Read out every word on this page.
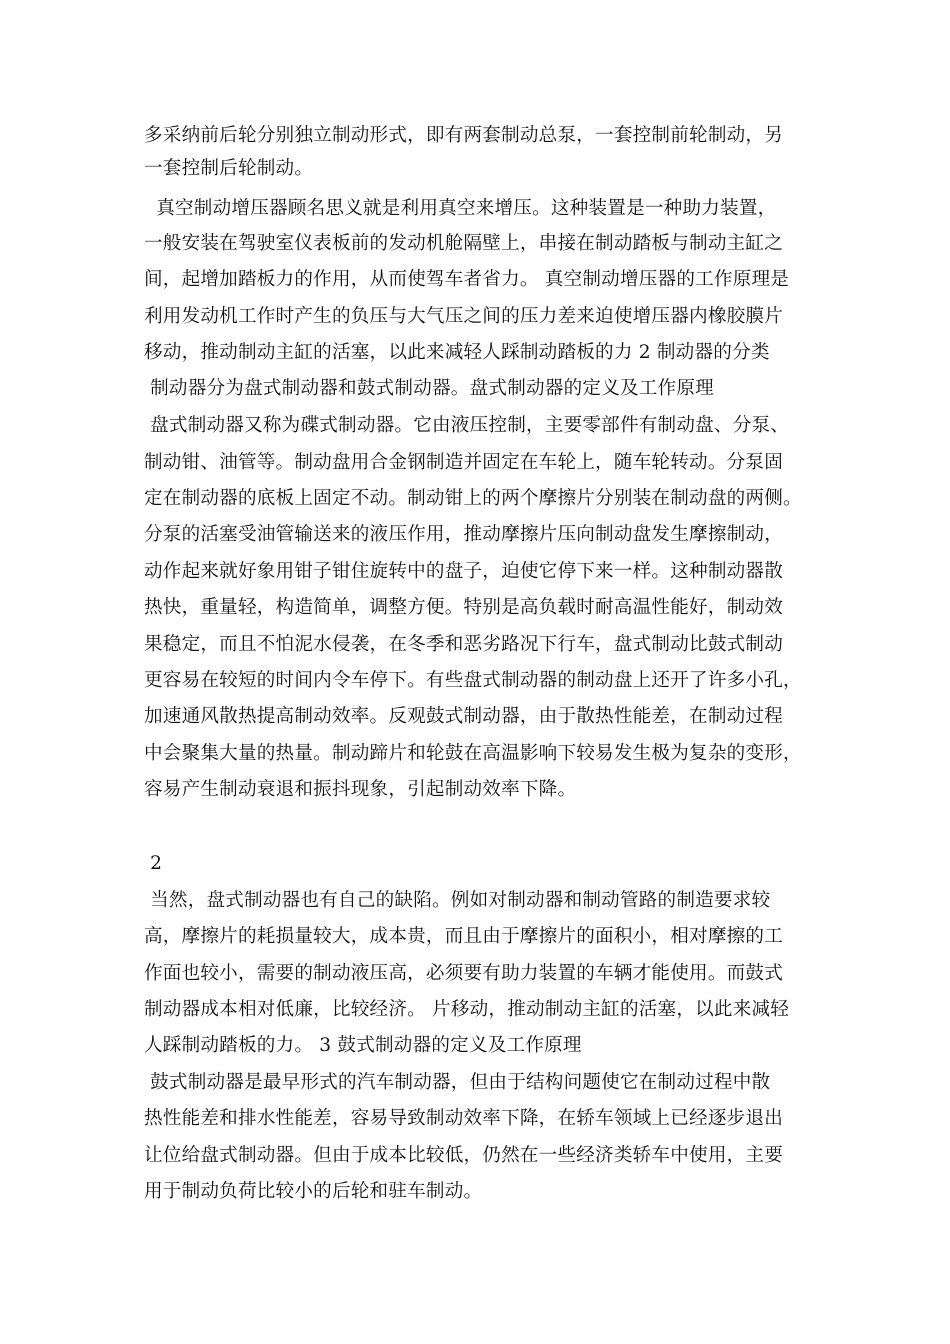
多采纳前后轮分别独立制动形式，即有两套制动总泵，一套控制前轮制动，另
一套控制后轮制动。
真空制动增压器顾名思义就是利用真空来增压。这种装置是一种助力装置，
一般安装在驾驶室仪表板前的发动机舱隔壁上，串接在制动踏板与制动主缸之
间，起增加踏板力的作用，从而使驾车者省力。 真空制动增压器的工作原理是
利用发动机工作时产生的负压与大气压之间的压力差来迫使增压器内橡胶膜片
移动，推动制动主缸的活塞，以此来减轻人踩制动踏板的力 2 制动器的分类
制动器分为盘式制动器和鼓式制动器。盘式制动器的定义及工作原理
盘式制动器又称为碟式制动器。它由液压控制，主要零部件有制动盘、分泵、
制动钳、油管等。制动盘用合金钢制造并固定在车轮上，随车轮转动。分泵固
定在制动器的底板上固定不动。制动钳上的两个摩擦片分别装在制动盘的两侧。
分泵的活塞受油管输送来的液压作用，推动摩擦片压向制动盘发生摩擦制动，
动作起来就好象用钳子钳住旋转中的盘子，迫使它停下来一样。这种制动器散
热快，重量轻，构造简单，调整方便。特别是高负载时耐高温性能好，制动效
果稳定，而且不怕泥水侵袭，在冬季和恶劣路况下行车，盘式制动比鼓式制动
更容易在较短的时间内令车停下。有些盘式制动器的制动盘上还开了许多小孔，
加速通风散热提高制动效率。反观鼓式制动器，由于散热性能差，在制动过程
中会聚集大量的热量。制动蹄片和轮鼓在高温影响下较易发生极为复杂的变形，
容易产生制动衰退和振抖现象，引起制动效率下降。
2
当然，盘式制动器也有自己的缺陷。例如对制动器和制动管路的制造要求较
高，摩擦片的耗损量较大，成本贵，而且由于摩擦片的面积小，相对摩擦的工
作面也较小，需要的制动液压高，必须要有助力装置的车辆才能使用。而鼓式
制动器成本相对低廉，比较经济。 片移动，推动制动主缸的活塞，以此来减轻
人踩制动踏板的力。 3 鼓式制动器的定义及工作原理
鼓式制动器是最早形式的汽车制动器，但由于结构问题使它在制动过程中散
热性能差和排水性能差，容易导致制动效率下降，在轿车领域上已经逐步退出
让位给盘式制动器。但由于成本比较低，仍然在一些经济类轿车中使用，主要
用于制动负荷比较小的后轮和驻车制动。
